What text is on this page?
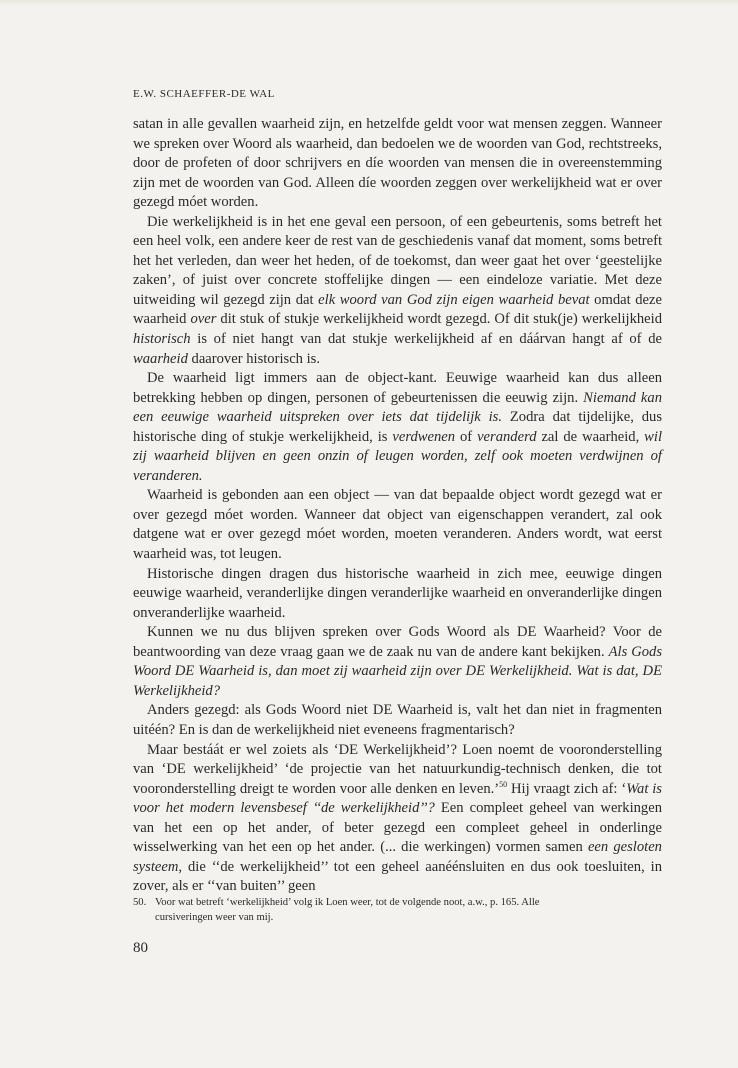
E.W. SCHAEFFER-DE WAL

satan in alle gevallen waarheid zijn, en hetzelfde geldt voor wat mensen zeggen. Wanneer we spreken over Woord als waarheid, dan bedoelen we de woorden van God, rechtstreeks, door de profeten of door schrijvers en díe woorden van mensen die in overeenstemming zijn met de woorden van God. Alleen díe woorden zeggen over werkelijkheid wat er over gezegd móet worden.

Die werkelijkheid is in het ene geval een persoon, of een gebeurtenis, soms betreft het een heel volk, een andere keer de rest van de geschiedenis vanaf dat moment, soms betreft het het verleden, dan weer het heden, of de toekomst, dan weer gaat het over ‘geestelijke zaken’, of juist over concrete stoffelijke dingen — een eindeloze variatie. Met deze uitweiding wil gezegd zijn dat elk woord van God zijn eigen waarheid bevat omdat deze waarheid over dit stuk of stukje werkelijkheid wordt gezegd. Of dit stuk(je) werkelijkheid historisch is of niet hangt van dat stukje werkelijkheid af en dáárvan hangt af of de waarheid daarover historisch is.

De waarheid ligt immers aan de object-kant. Eeuwige waarheid kan dus alleen betrekking hebben op dingen, personen of gebeurtenissen die eeuwig zijn. Niemand kan een eeuwige waarheid uitspreken over iets dat tijdelijk is. Zodra dat tijdelijke, dus historische ding of stukje werkelijkheid, is verdwenen of veranderd zal de waarheid, wil zij waarheid blijven en geen onzin of leugen worden, zelf ook moeten verdwijnen of veranderen.

Waarheid is gebonden aan een object — van dat bepaalde object wordt gezegd wat er over gezegd móet worden. Wanneer dat object van eigenschappen verandert, zal ook datgene wat er over gezegd móet worden, moeten veranderen. Anders wordt, wat eerst waarheid was, tot leugen.

Historische dingen dragen dus historische waarheid in zich mee, eeuwige dingen eeuwige waarheid, veranderlijke dingen veranderlijke waarheid en onveranderlijke dingen onveranderlijke waarheid.

Kunnen we nu dus blijven spreken over Gods Woord als DE Waarheid? Voor de beantwoording van deze vraag gaan we de zaak nu van de andere kant bekijken. Als Gods Woord DE Waarheid is, dan moet zij waarheid zijn over DE Werkelijkheid. Wat is dat, DE Werkelijkheid?

Anders gezegd: als Gods Woord niet DE Waarheid is, valt het dan niet in fragmenten uitéén? En is dan de werkelijkheid niet eveneens fragmentarisch?

Maar bestáát er wel zoiets als ‘DE Werkelijkheid’? Loen noemt de vooronderstelling van ‘DE werkelijkheid’ ‘de projectie van het natuurkundig-technisch denken, die tot vooronderstelling dreigt te worden voor alle denken en leven.’$^{50}$ Hij vraagt zich af: ‘Wat is voor het modern levensbesef ‘‘de werkelijkheid’’? Een compleet geheel van werkingen van het een op het ander, of beter gezegd een compleet geheel in onderlinge wisselwerking van het een op het ander. (... die werkingen) vormen samen een gesloten systeem, die ‘‘de werkelijkheid’’ tot een geheel aanéénsluiten en dus ook toesluiten, in zover, als er ‘‘van buiten’’ geen

50. Voor wat betreft ‘werkelijkheid’ volg ik Loen weer, tot de volgende noot, a.w., p. 165. Alle
cursiveringen weer van mij.
80
